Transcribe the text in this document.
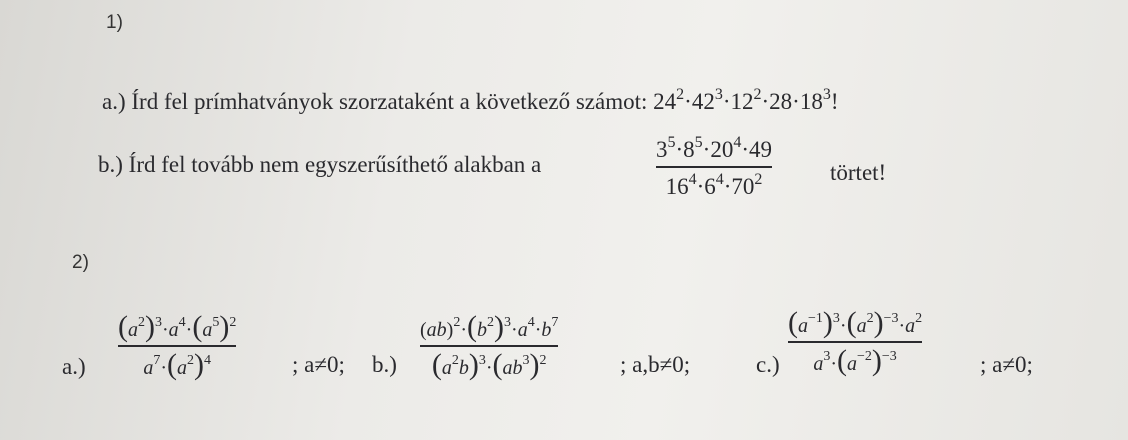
1)
a.) Írd fel prímhatványok szorzataként a következő számot: $24^2\cdot 42^3\cdot 12^2\cdot 28\cdot 18^3$!
b.) Írd fel tovább nem egyszerűsíthető alakban a	$\frac{3^5\cdot 8^5\cdot 20^4\cdot 49}{16^4\cdot 6^4\cdot 70^2}$	törtet!
2)
$a.) \frac{(a^2)^3\cdot a^4\cdot(a^5)^2}{a^7\cdot(a^2)^4}$ ; a≠0; $b.) \frac{(ab)^2\cdot(b^2)^3\cdot a^4\cdot b^7}{(a^2b)^3\cdot(ab^3)^2}$	; a,b≠0;	$c.) \frac{(a^{-1})^3\cdot(a^2)^{-3}\cdot a^2}{a^3\cdot(a^{-2})^{-3}}$	; a≠0;
